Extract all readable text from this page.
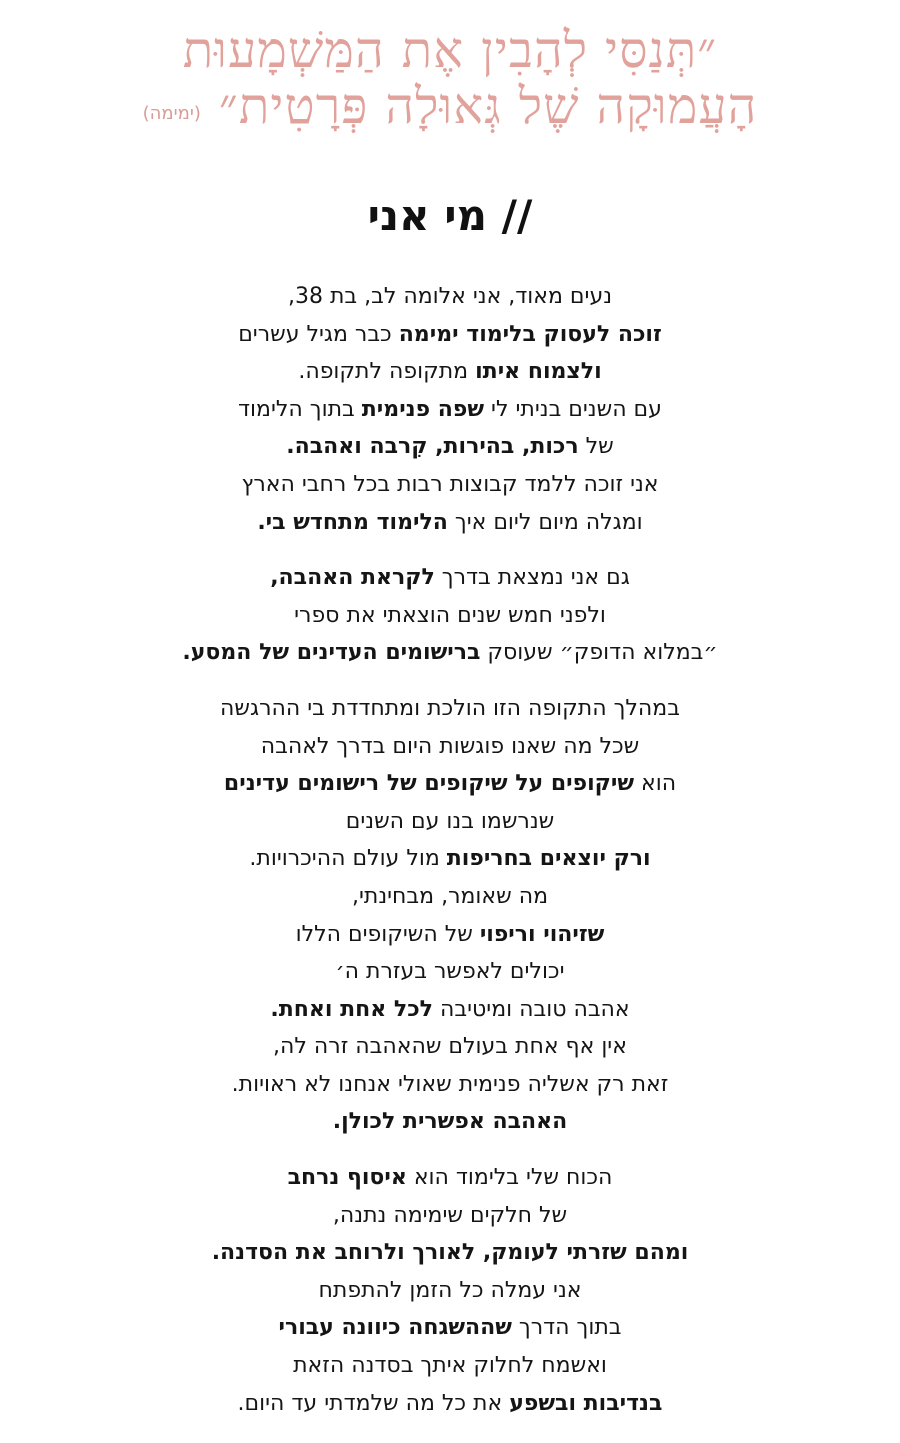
״תְּנַסִּי לְהָבִין אֶת הַמַּשְׁמָעוּת
הָעֲמוּקָה שֶׁל גְּאוּלָה פְּרָטִית״(ימימה)
// מי אני
נעים מאוד, אני אלומה לב, בת 38,
זוכה לעסוק בלימוד ימימה כבר מגיל עשרים
ולצמוח איתו מתקופה לתקופה.
עם השנים בניתי לי שפה פנימית בתוך הלימוד
של רכות, בהירות, קִרבה ואהבה.
אני זוכה ללמד קבוצות רבות בכל רחבי הארץ
ומגלה מיום ליום איך הלימוד מתחדש בי.
גם אני נמצאת בדרך לקראת האהבה,
ולפני חמש שנים הוצאתי את ספרי
״במלוא הדופק״ שעוסק ברישומים העדינים של המסע.
במהלך התקופה הזו הולכת ומתחדדת בי ההרגשה
שכל מה שאנו פוגשות היום בדרך לאהבה
הוא שיקופים על שיקופים של רישומים עדינים
שנרשמו בנו עם השנים
ורק יוצאים בחריפות מול עולם ההיכרויות.
מה שאומר, מבחינתי,
שזיהוי וריפוי של השיקופים הללו
יכולים לאפשר בעזרת ה׳
אהבה טובה ומיטיבה לכל אחת ואחת.
אין אף אחת בעולם שהאהבה זרה לה,
זאת רק אשליה פנימית שאולי אנחנו לא ראויות.
האהבה אפשרית לכולן.
הכוח שלי בלימוד הוא איסוף נרחב
של חלקים שימימה נתנה,
ומהם שזרתי לעומק, לאורך ולרוחב את הסדנה.
אני עמלה כל הזמן להתפתח
בתוך הדרך שההשגחה כיוונה עבורי
ואשמח לחלוק איתך בסדנה הזאת
בנדיבות ובשפע את כל מה שלמדתי עד היום.
